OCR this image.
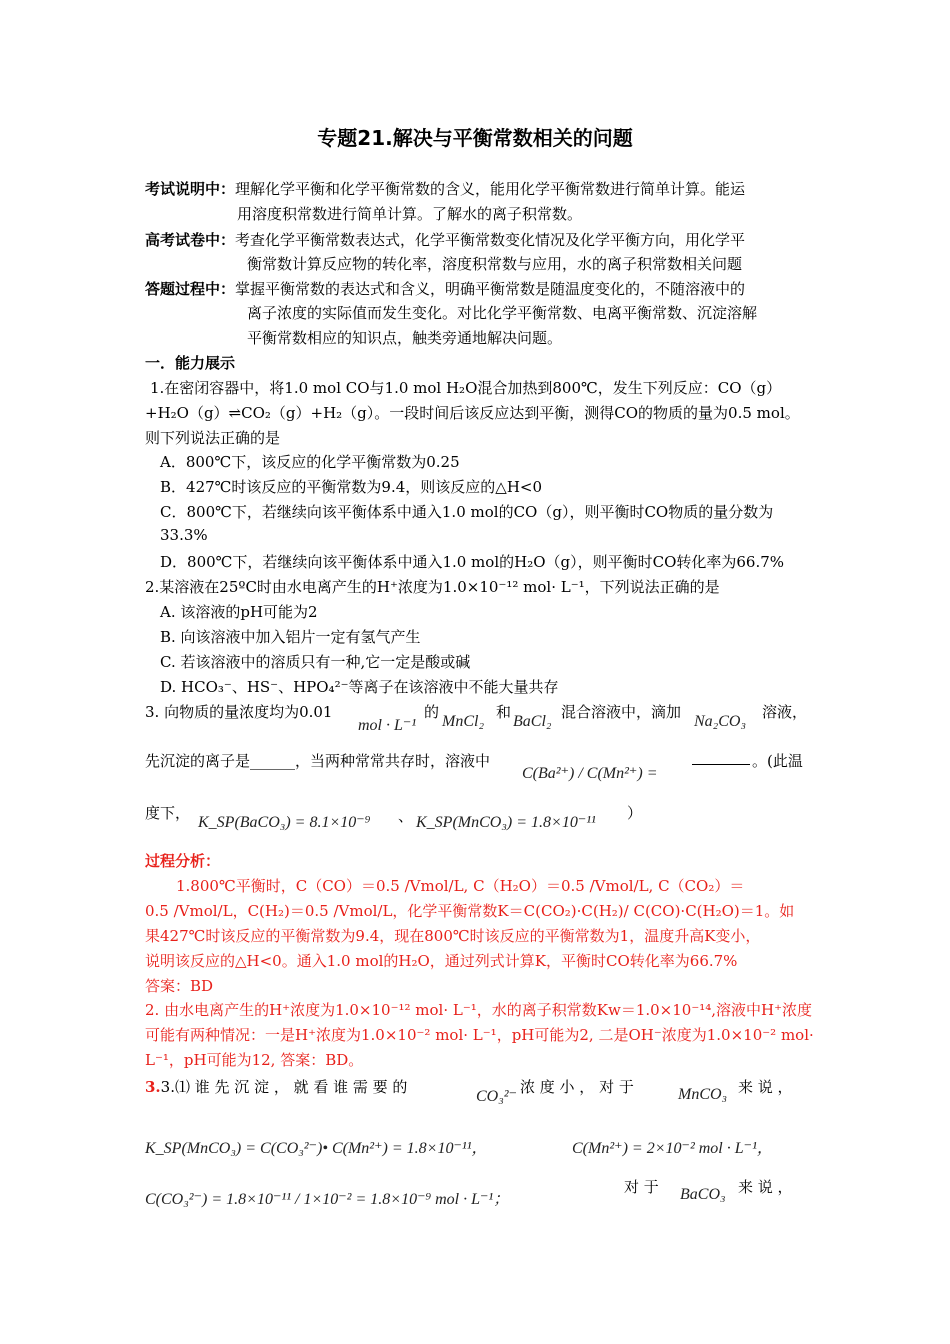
专题21.解决与平衡常数相关的问题
考试说明中：理解化学平衡和化学平衡常数的含义，能用化学平衡常数进行简单计算。能运
用溶度积常数进行简单计算。了解水的离子积常数。
高考试卷中：考查化学平衡常数表达式，化学平衡常数变化情况及化学平衡方向，用化学平
衡常数计算反应物的转化率，溶度积常数与应用，水的离子积常数相关问题
答题过程中：掌握平衡常数的表达式和含义，明确平衡常数是随温度变化的，不随溶液中的
离子浓度的实际值而发生变化。对比化学平衡常数、电离平衡常数、沉淀溶解
平衡常数相应的知识点，触类旁通地解决问题。
一．能力展示
1.在密闭容器中，将1.0 mol CO与1.0 mol H₂O混合加热到800℃，发生下列反应：CO（g）
+H₂O（g）⇌CO₂（g）+H₂（g）。一段时间后该反应达到平衡，测得CO的物质的量为0.5 mol。
则下列说法正确的是
A．800℃下，该反应的化学平衡常数为0.25
B．427℃时该反应的平衡常数为9.4，则该反应的△H<0
C．800℃下，若继续向该平衡体系中通入1.0 mol的CO（g），则平衡时CO物质的量分数为
33.3%
D．800℃下，若继续向该平衡体系中通入1.0 mol的H₂O（g），则平衡时CO转化率为66.7%
2.某溶液在25ºC时由水电离产生的H⁺浓度为1.0×10⁻¹² mol· L⁻¹，下列说法正确的是
A. 该溶液的pH可能为2
B. 向该溶液中加入铝片一定有氢气产生
C. 若该溶液中的溶质只有一种,它一定是酸或碱
D. HCO₃⁻、HS⁻、HPO₄²⁻等离子在该溶液中不能大量共存
3. 向物质的量浓度均为0.01
mol · L⁻¹
的
MnCl₂
和
BaCl₂
混合溶液中，滴加
Na₂CO₃
溶液，
先沉淀的离子是______，当两种常常共存时，溶液中
C(Ba²⁺) / C(Mn²⁺) =
。(此温
度下，
K_SP(BaCO₃) = 8.1×10⁻⁹ 、 K_SP(MnCO₃) = 1.8×10⁻¹¹
）
过程分析：
1.800℃平衡时，C（CO）＝0.5 /Vmol/L, C（H₂O）＝0.5 /Vmol/L, C（CO₂）＝
0.5 /Vmol/L，C(H₂)＝0.5 /Vmol/L，化学平衡常数K＝C(CO₂)·C(H₂)/ C(CO)·C(H₂O)＝1。如
果427℃时该反应的平衡常数为9.4，现在800℃时该反应的平衡常数为1，温度升高K变小，
说明该反应的△H<0。通入1.0 mol的H₂O，通过列式计算K，平衡时CO转化率为66.7%
答案：BD
2. 由水电离产生的H⁺浓度为1.0×10⁻¹² mol· L⁻¹，水的离子积常数Kw＝1.0×10⁻¹⁴,溶液中H⁺浓度
可能有两种情况：一是H⁺浓度为1.0×10⁻² mol· L⁻¹，pH可能为2, 二是OH⁻浓度为1.0×10⁻² mol·
L⁻¹，pH可能为12, 答案：BD。
3.3.⑴ 谁 先 沉 淀 ， 就 看 谁 需 要 的
CO₃²⁻
浓 度 小 ， 对 于	MnCO₃ 来 说 ，
K_SP(MnCO₃) = C(CO₃²⁻)• C(Mn²⁺) = 1.8×10⁻¹¹，	C(Mn²⁺) = 2×10⁻² mol · L⁻¹，
C(CO₃²⁻) = 1.8×10⁻¹¹ / 1×10⁻² = 1.8×10⁻⁹ mol · L⁻¹；
对 于 BaCO₃ 来 说 ，
